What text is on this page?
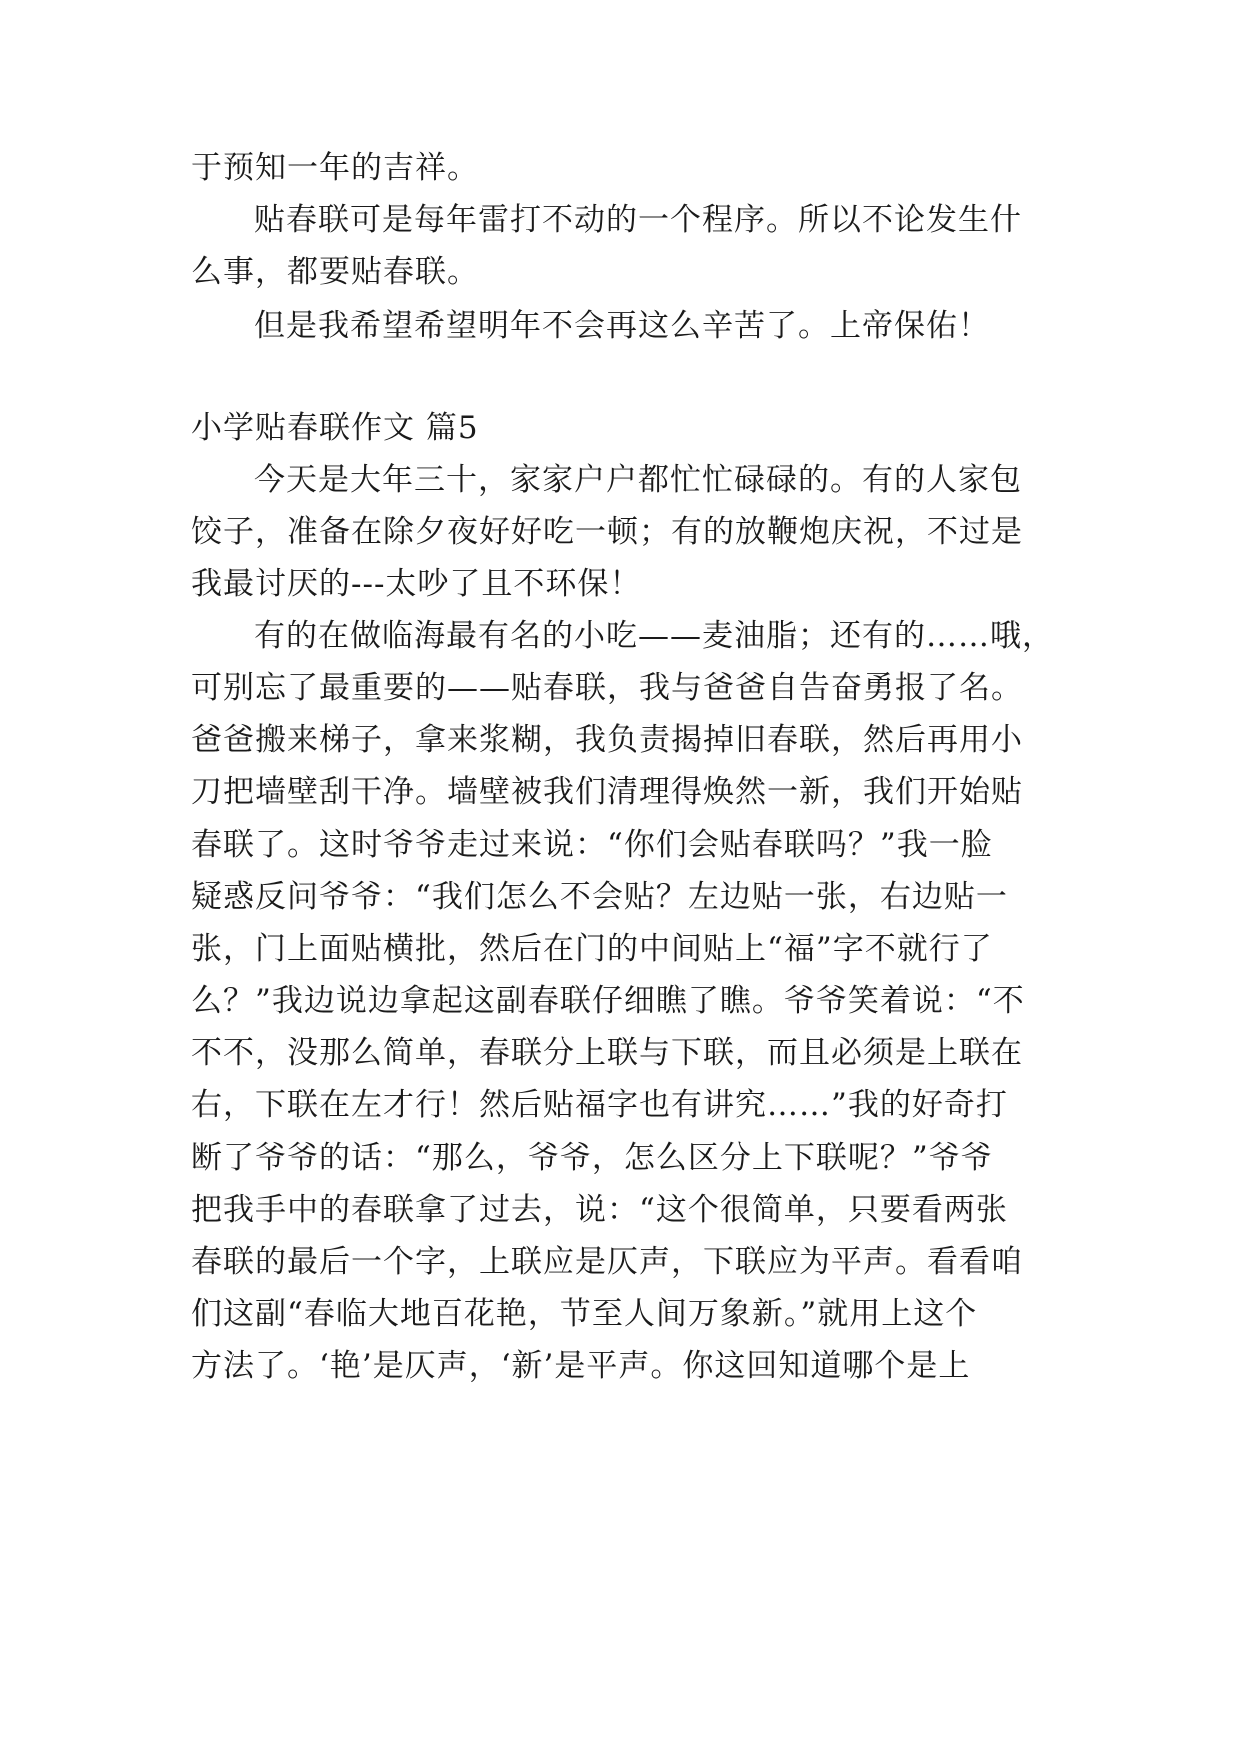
于预知一年的吉祥。
贴春联可是每年雷打不动的一个程序。所以不论发生什
么事，都要贴春联。
但是我希望希望明年不会再这么辛苦了。上帝保佑！
小学贴春联作文 篇5
今天是大年三十，家家户户都忙忙碌碌的。有的人家包
饺子，准备在除夕夜好好吃一顿；有的放鞭炮庆祝，不过是
我最讨厌的---太吵了且不环保！
有的在做临海最有名的小吃——麦油脂；还有的……哦，
可别忘了最重要的——贴春联，我与爸爸自告奋勇报了名。
爸爸搬来梯子，拿来浆糊，我负责揭掉旧春联，然后再用小
刀把墙壁刮干净。墙壁被我们清理得焕然一新，我们开始贴
春联了。这时爷爷走过来说：“你们会贴春联吗？”我一脸
疑惑反问爷爷：“我们怎么不会贴？左边贴一张，右边贴一
张，门上面贴横批，然后在门的中间贴上“福”字不就行了
么？”我边说边拿起这副春联仔细瞧了瞧。爷爷笑着说：“不
不不，没那么简单，春联分上联与下联，而且必须是上联在
右，下联在左才行！然后贴福字也有讲究……”我的好奇打
断了爷爷的话：“那么，爷爷，怎么区分上下联呢？”爷爷
把我手中的春联拿了过去，说：“这个很简单，只要看两张
春联的最后一个字，上联应是仄声，下联应为平声。看看咱
们这副“春临大地百花艳，节至人间万象新。”就用上这个
方法了。‘艳’是仄声，‘新’是平声。你这回知道哪个是上
